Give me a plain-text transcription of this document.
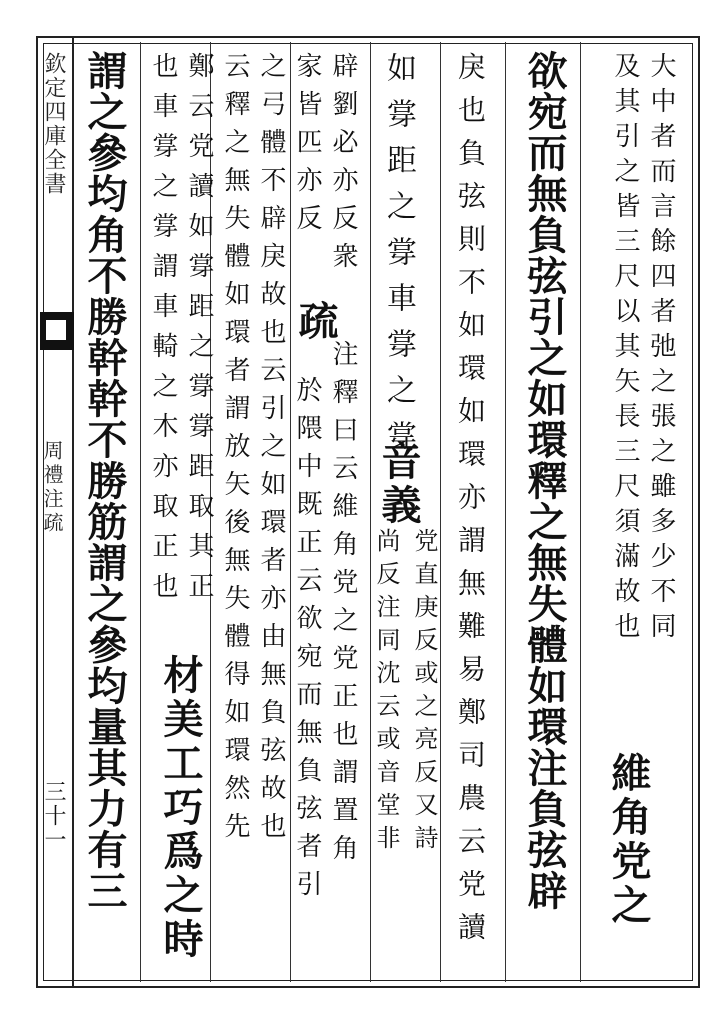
欽定四庫全書
周禮注疏
三十一
大中者而言餘四者弛之張之雖多少不同
及其引之皆三尺以其矢長三尺須滿故也
維角党之
欲宛而無負弦引之如環釋之無失體如環注負弦辟
戾也負弦則不如環如環亦謂無難易鄭司農云党讀
如牚距之牚車牚之牚
音義
党直庚反或之亮反又詩
尚反注同沈云或音堂非
辟劉必亦反衆
疏
注釋曰云維角党之党正也謂置角
家皆匹亦反
於隈中既正云欲宛而無負弦者引
之弓體不辟戾故也云引之如環者亦由無負弦故也
云釋之無失體如環者謂放矢後無失體得如環然先
鄭云党讀如牚距之牚牚距取其正
材美工巧爲之時
也車牚之牚謂車輢之木亦取正也
謂之參均角不勝幹幹不勝筋謂之參均量其力有三
